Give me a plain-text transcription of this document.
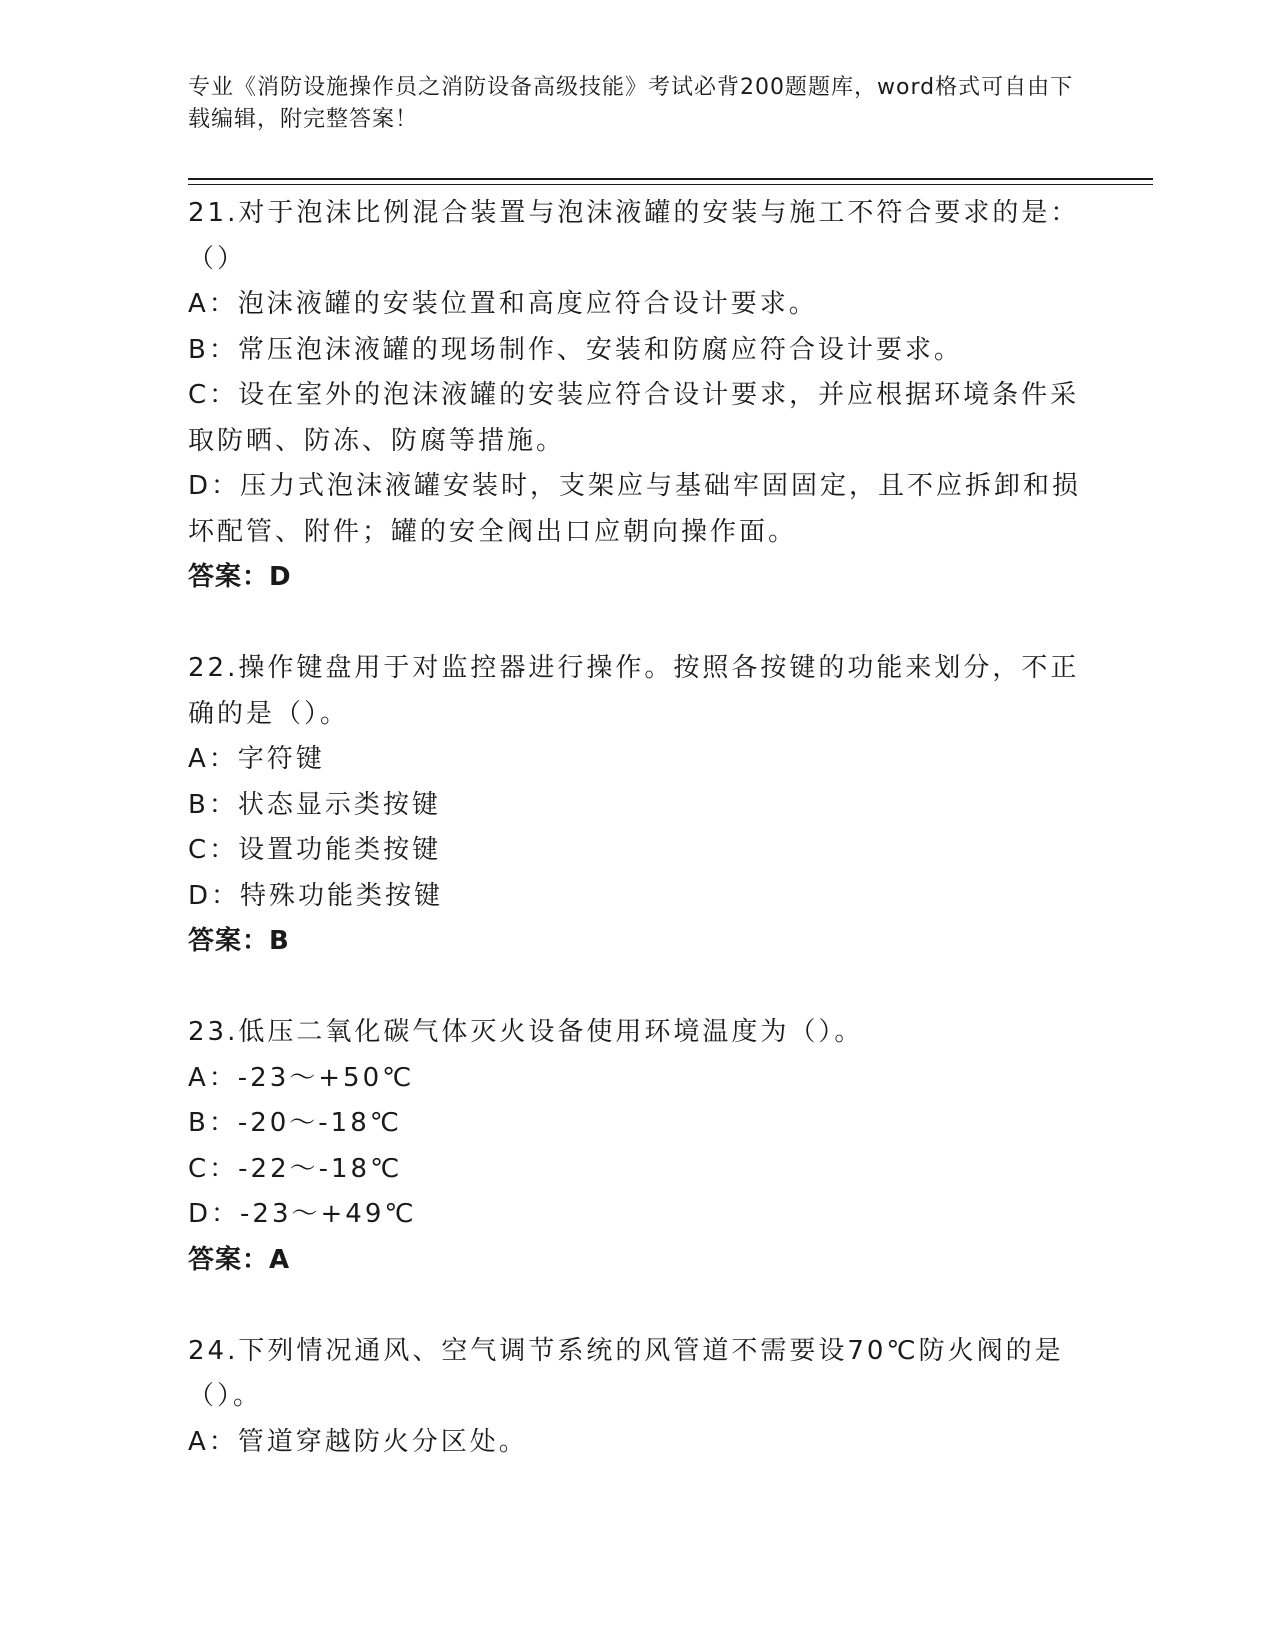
专业《消防设施操作员之消防设备高级技能》考试必背200题题库，word格式可自由下载编辑，附完整答案！

21.对于泡沫比例混合装置与泡沫液罐的安装与施工不符合要求的是：（）

A：泡沫液罐的安装位置和高度应符合设计要求。

B：常压泡沫液罐的现场制作、安装和防腐应符合设计要求。

C：设在室外的泡沫液罐的安装应符合设计要求，并应根据环境条件采取防晒、防冻、防腐等措施。

D：压力式泡沫液罐安装时，支架应与基础牢固固定，且不应拆卸和损坏配管、附件；罐的安全阀出口应朝向操作面。

答案：D

22.操作键盘用于对监控器进行操作。按照各按键的功能来划分，不正确的是（）。

A：字符键

B：状态显示类按键

C：设置功能类按键

D：特殊功能类按键

答案：B

23.低压二氧化碳气体灭火设备使用环境温度为（）。

A：-23～+50℃

B：-20～-18℃

C：-22～-18℃

D：-23～+49℃

答案：A

24.下列情况通风、空气调节系统的风管道不需要设70℃防火阀的是（）。

A：管道穿越防火分区处。
